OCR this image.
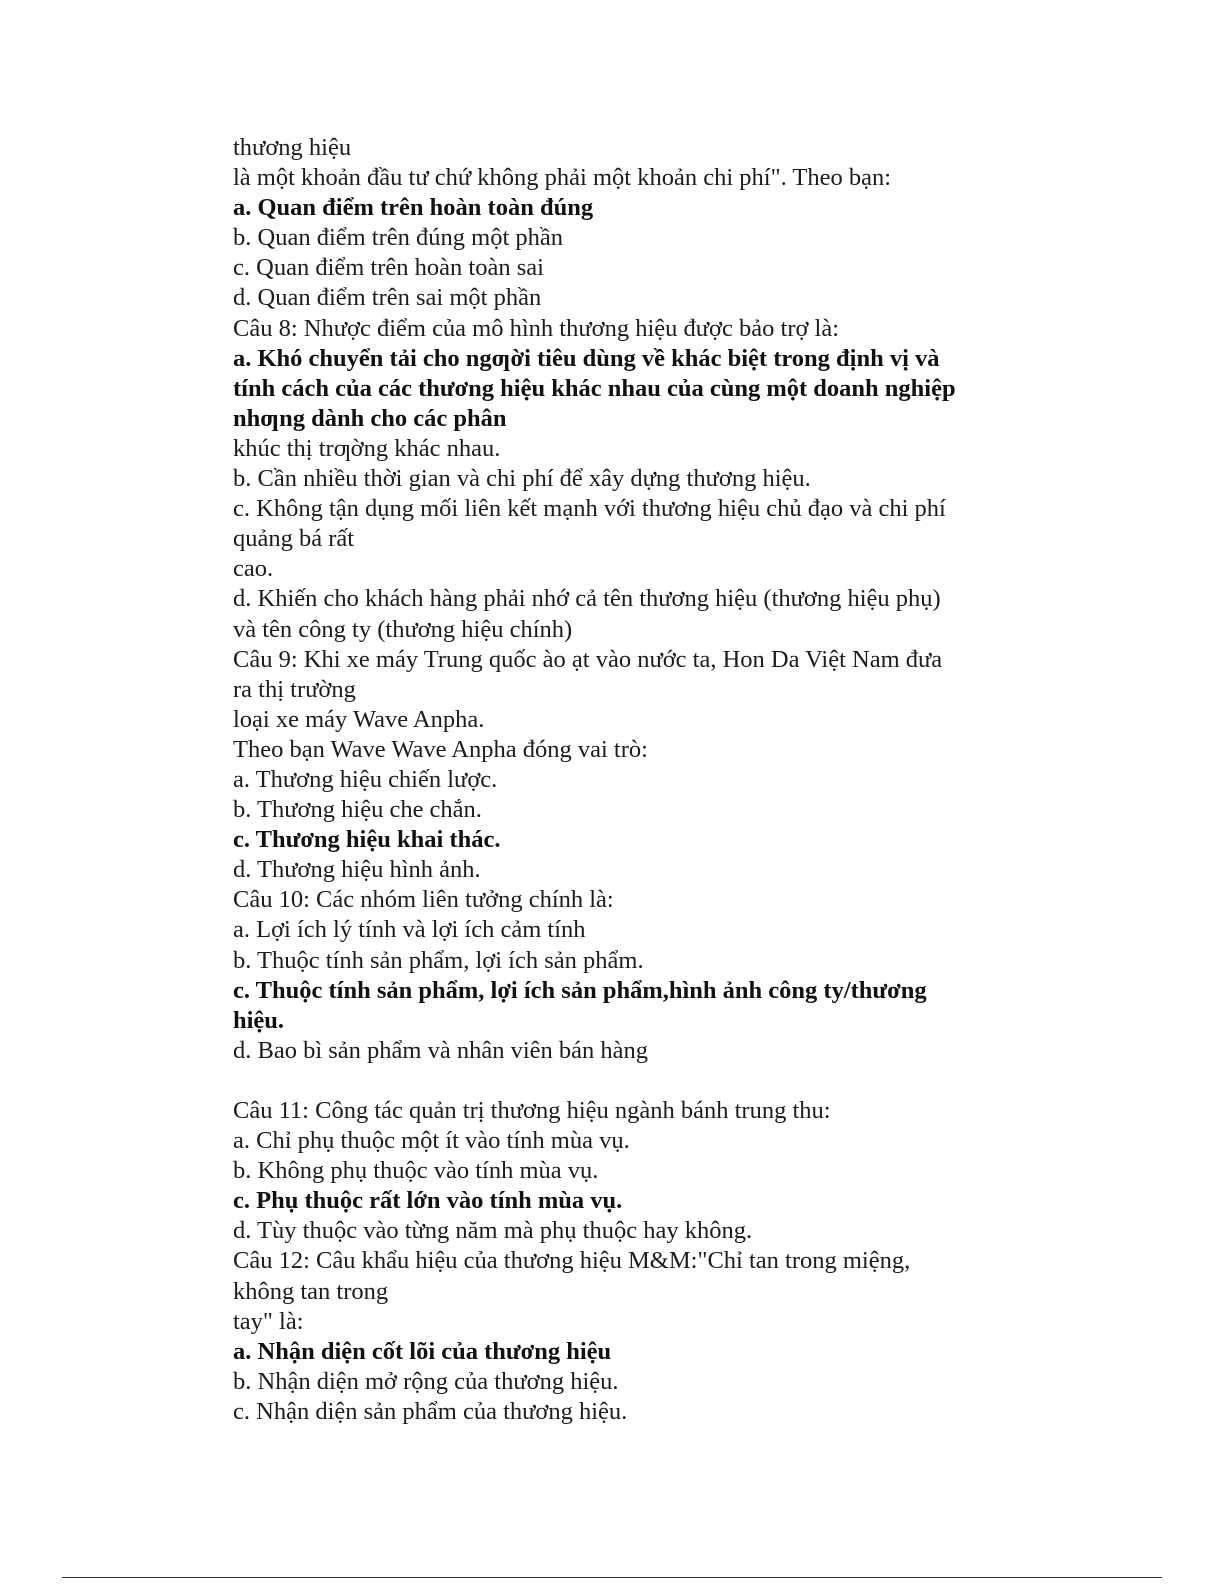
thương hiệu
là một khoản đầu tư chứ không phải một khoản chi phí". Theo bạn:
a. Quan điểm trên hoàn toàn đúng
b. Quan điểm trên đúng một phần
c. Quan điểm trên hoàn toàn sai
d. Quan điểm trên sai một phần
Câu 8: Nhược điểm của mô hình thương hiệu được bảo trợ là:
a. Khó chuyển tải cho ngƣời tiêu dùng về khác biệt trong định vị và
tính cách của các thương hiệu khác nhau của cùng một doanh nghiệp
nhƣng dành cho các phân
khúc thị trƣờng khác nhau.
b. Cần nhiều thời gian và chi phí để xây dựng thương hiệu.
c. Không tận dụng mối liên kết mạnh với thương hiệu chủ đạo và chi phí
quảng bá rất
cao.
d. Khiến cho khách hàng phải nhớ cả tên thương hiệu (thương hiệu phụ)
và tên công ty (thương hiệu chính)
Câu 9: Khi xe máy Trung quốc ào ạt vào nước ta, Hon Da Việt Nam đưa
ra thị trường
loại xe máy Wave Anpha.
Theo bạn Wave Wave Anpha đóng vai trò:
a. Thương hiệu chiến lược.
b. Thương hiệu che chắn.
c. Thương hiệu khai thác.
d. Thương hiệu hình ảnh.
Câu 10: Các nhóm liên tưởng chính là:
a. Lợi ích lý tính và lợi ích cảm tính
b. Thuộc tính sản phẩm, lợi ích sản phẩm.
c. Thuộc tính sản phẩm, lợi ích sản phẩm,hình ảnh công ty/thương
hiệu.
d. Bao bì sản phẩm và nhân viên bán hàng
Câu 11: Công tác quản trị thương hiệu ngành bánh trung thu:
a. Chỉ phụ thuộc một ít vào tính mùa vụ.
b. Không phụ thuộc vào tính mùa vụ.
c. Phụ thuộc rất lớn vào tính mùa vụ.
d. Tùy thuộc vào từng năm mà phụ thuộc hay không.
Câu 12: Câu khẩu hiệu của thương hiệu M&M:"Chỉ tan trong miệng,
không tan trong
tay" là:
a. Nhận diện cốt lõi của thương hiệu
b. Nhận diện mở rộng của thương hiệu.
c. Nhận diện sản phẩm của thương hiệu.
